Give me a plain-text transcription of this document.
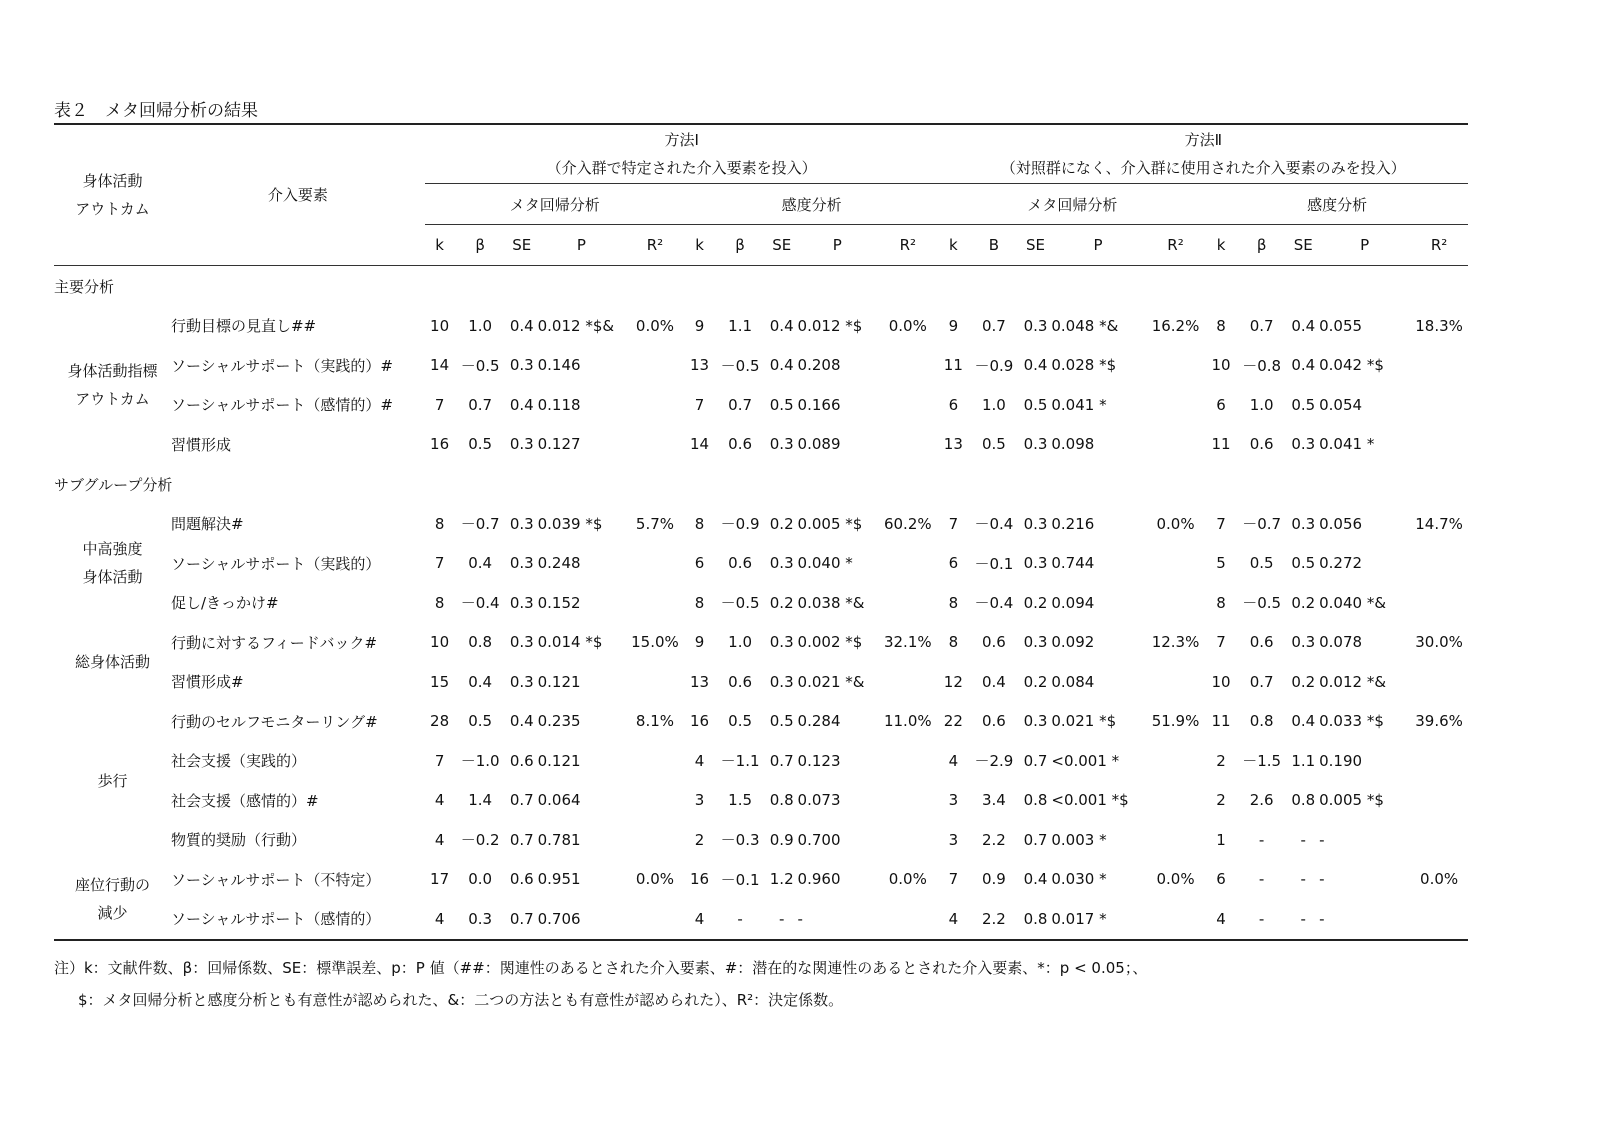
表２　メタ回帰分析の結果
身体活動
アウトカム	介入要素	方法Ⅰ
（介入群で特定された介入要素を投入）										方法Ⅱ
（対照群になく、介入群に使用された介入要素のみを投入）									
		メタ回帰分析					感度分析					メタ回帰分析					感度分析				
		k	β	SE	P	R²	k	β	SE	P	R²	k	B	SE	P	R²	k	β	SE	P	R²
主要分析																					

身体活動指標
アウトカム	行動目標の見直し##	10	1.0	0.4	0.012 *$&	0.0%	9	1.1	0.4	0.012 *$	0.0%	9	0.7	0.3	0.048 *&	16.2%	8	0.7	0.4	0.055	18.3%
	ソーシャルサポート（実践的）#	14	－0.5	0.3	0.146		13	－0.5	0.4	0.208		11	－0.9	0.4	0.028 *$		10	－0.8	0.4	0.042 *$	
	ソーシャルサポート（感情的）#	7	0.7	0.4	0.118		7	0.7	0.5	0.166		6	1.0	0.5	0.041 *		6	1.0	0.5	0.054	
	習慣形成	16	0.5	0.3	0.127		14	0.6	0.3	0.089		13	0.5	0.3	0.098		11	0.6	0.3	0.041 *	
サブグループ分析																					

中高強度
身体活動	問題解決#	8	－0.7	0.3	0.039 *$	5.7%	8	－0.9	0.2	0.005 *$	60.2%	7	－0.4	0.3	0.216	0.0%	7	－0.7	0.3	0.056	14.7%
	ソーシャルサポート（実践的）	7	0.4	0.3	0.248		6	0.6	0.3	0.040 *		6	－0.1	0.3	0.744		5	0.5	0.5	0.272	
	促し/きっかけ#	8	－0.4	0.3	0.152		8	－0.5	0.2	0.038 *&		8	－0.4	0.2	0.094		8	－0.5	0.2	0.040 *&	

総身体活動	行動に対するフィードバック#	10	0.8	0.3	0.014 *$	15.0%	9	1.0	0.3	0.002 *$	32.1%	8	0.6	0.3	0.092	12.3%	7	0.6	0.3	0.078	30.0%
	習慣形成#	15	0.4	0.3	0.121		13	0.6	0.3	0.021 *&		12	0.4	0.2	0.084		10	0.7	0.2	0.012 *&	

歩行	行動のセルフモニターリング#	28	0.5	0.4	0.235	8.1%	16	0.5	0.5	0.284	11.0%	22	0.6	0.3	0.021 *$	51.9%	11	0.8	0.4	0.033 *$	39.6%
	社会支援（実践的）	7	－1.0	0.6	0.121		4	－1.1	0.7	0.123		4	－2.9	0.7	<0.001 *		2	－1.5	1.1	0.190	
	社会支援（感情的）#	4	1.4	0.7	0.064		3	1.5	0.8	0.073		3	3.4	0.8	<0.001 *$		2	2.6	0.8	0.005 *$	
	物質的奨励（行動）	4	－0.2	0.7	0.781		2	－0.3	0.9	0.700		3	2.2	0.7	0.003 *		1	-	-	-	

座位行動の
減少	ソーシャルサポート（不特定）	17	0.0	0.6	0.951	0.0%	16	－0.1	1.2	0.960	0.0%	7	0.9	0.4	0.030 *	0.0%	6	-	-	-	0.0%
	ソーシャルサポート（感情的）	4	0.3	0.7	0.706		4	-	-	-		4	2.2	0.8	0.017 *		4	-	-	-	
注）k：文献件数、β：回帰係数、SE：標準誤差、p：P 値（##：関連性のあるとされた介入要素、#：潜在的な関連性のあるとされた介入要素、*：p < 0.05；、
$：メタ回帰分析と感度分析とも有意性が認められた、&：二つの方法とも有意性が認められた）、R²：決定係数。
